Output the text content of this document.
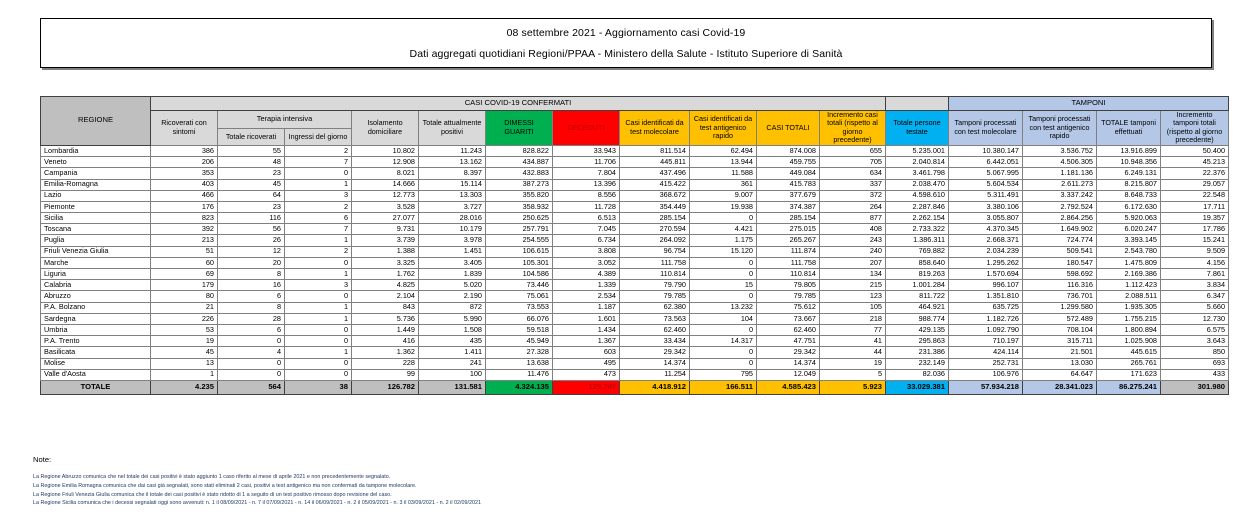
08 settembre 2021 - Aggiornamento casi Covid-19
Dati aggregati quotidiani Regioni/PPAA - Ministero della Salute - Istituto Superiore di Sanità
REGIONE	CASI COVID-19 CONFERMATI												TAMPONI			
	Ricoverati con sintomi	Terapia intensiva		Isolamento domiciliare	Totale attualmente positivi	DIMESSI GUARITI	DECEDUTI	Casi identificati da test molecolare	Casi identificati da test antigenico rapido	CASI TOTALI	Incremento casi totali (rispetto al giorno precedente)	Totale persone testate	Tamponi processati con test molecolare	Tamponi processati con test antigenico rapido	TOTALE tamponi effettuati	Incremento tamponi totali (rispetto al giorno precedente)
		Totale ricoverati	Ingressi del giorno													
Lombardia	386	55	2	10.802	11.243	828.822	33.943	811.514	62.494	874.008	655	5.235.001	10.380.147	3.536.752	13.916.899	50.400
Veneto	206	48	7	12.908	13.162	434.887	11.706	445.811	13.944	459.755	705	2.040.814	6.442.051	4.506.305	10.948.356	45.213
Campania	353	23	0	8.021	8.397	432.883	7.804	437.496	11.588	449.084	634	3.461.798	5.067.995	1.181.136	6.249.131	22.376
Emilia-Romagna	403	45	1	14.666	15.114	387.273	13.396	415.422	361	415.783	337	2.038.470	5.604.534	2.611.273	8.215.807	29.057
Lazio	466	64	3	12.773	13.303	355.820	8.556	368.672	9.007	377.679	372	4.598.610	5.311.491	3.337.242	8.648.733	22.548
Piemonte	176	23	2	3.528	3.727	358.932	11.728	354.449	19.938	374.387	264	2.287.846	3.380.106	2.792.524	6.172.630	17.711
Sicilia	823	116	6	27.077	28.016	250.625	6.513	285.154	0	285.154	877	2.262.154	3.055.807	2.864.256	5.920.063	19.357
Toscana	392	56	7	9.731	10.179	257.791	7.045	270.594	4.421	275.015	408	2.733.322	4.370.345	1.649.902	6.020.247	17.786
Puglia	213	26	1	3.739	3.978	254.555	6.734	264.092	1.175	265.267	243	1.386.311	2.668.371	724.774	3.393.145	15.241
Friuli Venezia Giulia	51	12	2	1.388	1.451	106.615	3.808	96.754	15.120	111.874	240	769.882	2.034.239	509.541	2.543.780	9.509
Marche	60	20	0	3.325	3.405	105.301	3.052	111.758	0	111.758	207	858.640	1.295.262	180.547	1.475.809	4.156
Liguria	69	8	1	1.762	1.839	104.586	4.389	110.814	0	110.814	134	819.263	1.570.694	598.692	2.169.386	7.861
Calabria	179	16	3	4.825	5.020	73.446	1.339	79.790	15	79.805	215	1.001.284	996.107	116.316	1.112.423	3.834
Abruzzo	80	6	0	2.104	2.190	75.061	2.534	79.785	0	79.785	123	811.722	1.351.810	736.701	2.088.511	6.347
P.A. Bolzano	21	8	1	843	872	73.553	1.187	62.380	13.232	75.612	105	464.921	635.725	1.299.580	1.935.305	5.660
Sardegna	226	28	1	5.736	5.990	66.076	1.601	73.563	104	73.667	218	988.774	1.182.726	572.489	1.755.215	12.730
Umbria	53	6	0	1.449	1.508	59.518	1.434	62.460	0	62.460	77	429.135	1.092.790	708.104	1.800.894	6.575
P.A. Trento	19	0	0	416	435	45.949	1.367	33.434	14.317	47.751	41	295.863	710.197	315.711	1.025.908	3.643
Basilicata	45	4	1	1.362	1.411	27.328	603	29.342	0	29.342	44	231.386	424.114	21.501	445.615	850
Molise	13	0	0	228	241	13.638	495	14.374	0	14.374	19	232.149	252.731	13.030	265.761	693
Valle d'Aosta	1	0	0	99	100	11.476	473	11.254	795	12.049	5	82.036	106.976	64.647	171.623	433
TOTALE	4.235	564	38	126.782	131.581	4.324.135	129.707	4.418.912	166.511	4.585.423	5.923	33.029.381	57.934.218	28.341.023	86.275.241	301.980
Note:
La Regione Abruzzo comunica che nel totale dei casi positivi è stato aggiunto 1 caso riferito al mese di aprile 2021 e non precedentemente segnalato.
La Regione Emilia Romagna comunica che dai casi già segnalati, sono stati eliminati 2 casi, positivi a test antigenico ma non confermati da tampone molecolare.
La Regione Friuli Venezia Giulia comunica che il totale dei casi positivi è stato ridotto di 1 a seguito di un test positivo rimosso dopo revisione del caso.
La Regione Sicilia comunica che i decessi segnalati oggi sono avvenuti: n. 1 il 08/09/2021 - n. 7 il 07/09/2021 - n. 14 il 06/09/2021 - n. 2 il 05/09/2021 - n. 3 il 03/09/2021 - n. 2 il 02/09/2021
